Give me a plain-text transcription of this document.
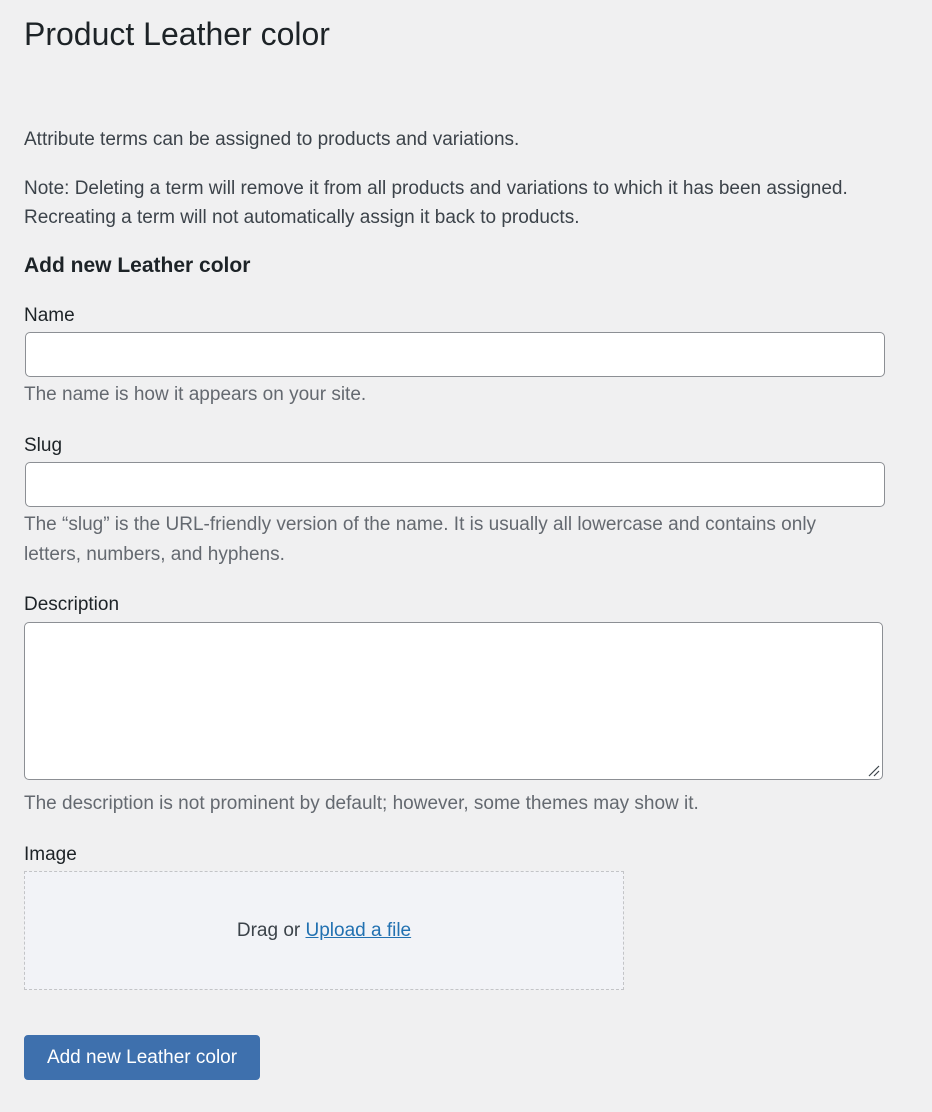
Product Leather color

Attribute terms can be assigned to products and variations.

Note: Deleting a term will remove it from all products and variations to which it has been assigned.

Recreating a term will not automatically assign it back to products.

Add new Leather color
Name

The name is how it appears on your site.

Slug

The “slug” is the URL-friendly version of the name. It is usually all lowercase and contains only

letters, numbers, and hyphens.

Description

The description is not prominent by default; however, some themes may show it.

Image
Drag or Upload a file
Add new Leather color
